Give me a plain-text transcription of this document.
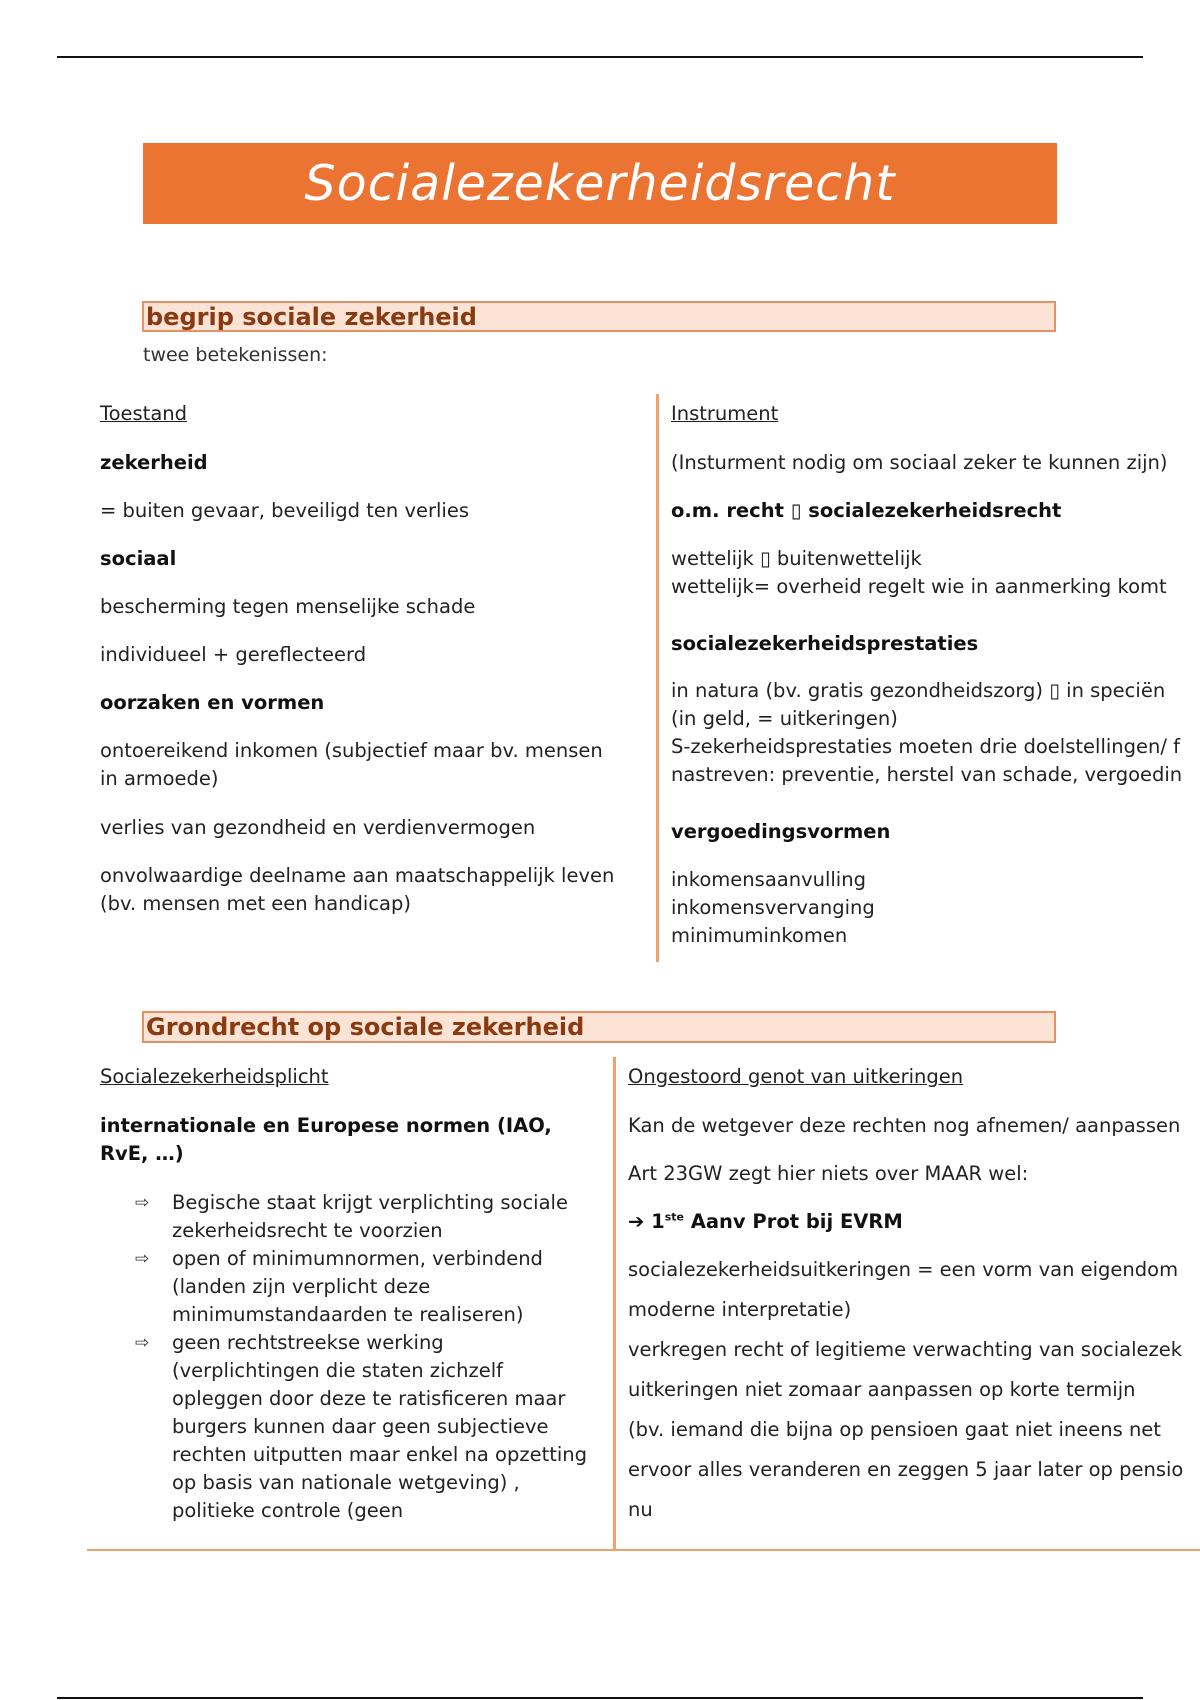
Socialezekerheidsrecht
begrip sociale zekerheid
twee betekenissen:
Toestand
zekerheid
= buiten gevaar, beveiligd ten verlies
sociaal
bescherming tegen menselijke schade
individueel + gereflecteerd
oorzaken en vormen
ontoereikend inkomen (subjectief maar bv. mensen
in armoede)
verlies van gezondheid en verdienvermogen
onvolwaardige deelname aan maatschappelijk leven
(bv. mensen met een handicap)
Instrument
(Insturment nodig om sociaal zeker te kunnen zijn)
o.m. recht ▯ socialezekerheidsrecht
wettelijk ▯ buitenwettelijk
wettelijk= overheid regelt wie in aanmerking komt
socialezekerheidsprestaties
in natura (bv. gratis gezondheidszorg) ▯ in speciën
(in geld, = uitkeringen)
S-zekerheidsprestaties moeten drie doelstellingen/ f
nastreven: preventie, herstel van schade, vergoedin
vergoedingsvormen
inkomensaanvulling
inkomensvervanging
minimuminkomen
Grondrecht op sociale zekerheid
Socialezekerheidsplicht
internationale en Europese normen (IAO,
RvE, …)
⇨ Begische staat krijgt verplichting sociale zekerheidsrecht te voorzien
⇨ open of minimumnormen, verbindend (landen zijn verplicht deze minimumstandaarden te realiseren)
⇨ geen rechtstreekse werking (verplichtingen die staten zichzelf opleggen door deze te ratisficeren maar burgers kunnen daar geen subjectieve rechten uitputten maar enkel na opzetting op basis van nationale wetgeving) , politieke controle (geen
Ongestoord genot van uitkeringen
Kan de wetgever deze rechten nog afnemen/ aanpassen
Art 23GW zegt hier niets over MAAR wel:
➔ 1ste Aanv Prot bij EVRM
socialezekerheidsuitkeringen = een vorm van eigendom
moderne interpretatie)
verkregen recht of legitieme verwachting van socialezek
uitkeringen niet zomaar aanpassen op korte termijn
(bv. iemand die bijna op pensioen gaat niet ineens net
ervoor alles veranderen en zeggen 5 jaar later op pensio
nu
